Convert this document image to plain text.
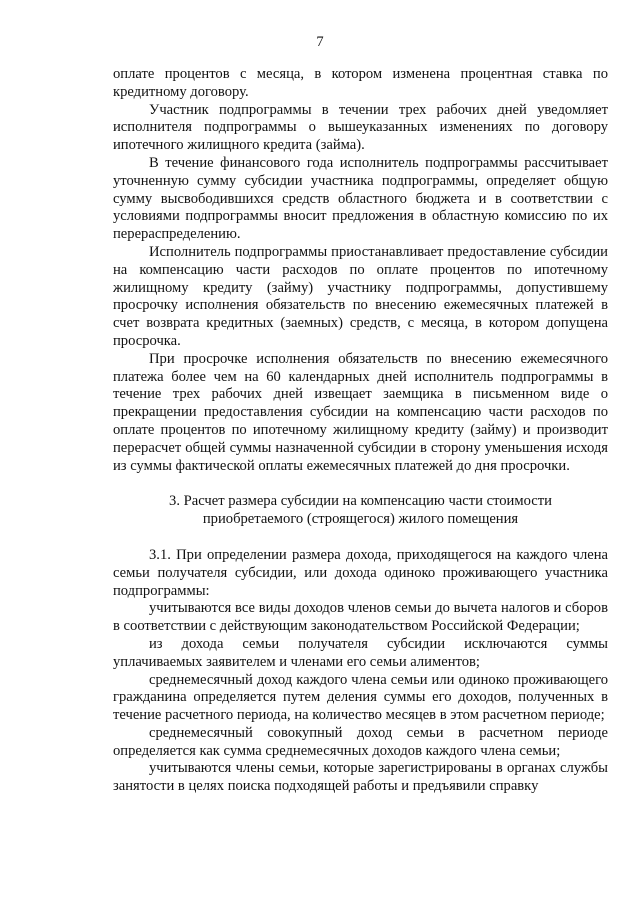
7

оплате процентов с месяца, в котором изменена процентная ставка по кредитному договору.

Участник подпрограммы в течении трех рабочих дней уведомляет исполнителя подпрограммы о вышеуказанных изменениях по договору ипотечного жилищного кредита (займа).

В течение финансового года исполнитель подпрограммы рассчитывает уточненную сумму субсидии участника подпрограммы, определяет общую сумму высвободившихся средств областного бюджета и в соответствии с условиями подпрограммы вносит предложения в областную комиссию по их перераспределению.

Исполнитель подпрограммы приостанавливает предоставление субсидии на компенсацию части расходов по оплате процентов по ипотечному жилищному кредиту (займу) участнику подпрограммы, допустившему просрочку исполнения обязательств по внесению ежемесячных платежей в счет возврата кредитных (заемных) средств, с месяца, в котором допущена просрочка.

При просрочке исполнения обязательств по внесению ежемесячного платежа более чем на 60 календарных дней исполнитель подпрограммы в течение трех рабочих дней извещает заемщика в письменном виде о прекращении предоставления субсидии на компенсацию части расходов по оплате процентов по ипотечному жилищному кредиту (займу) и производит перерасчет общей суммы назначенной субсидии в сторону уменьшения исходя из суммы фактической оплаты ежемесячных платежей до дня просрочки.

3. Расчет размера субсидии на компенсацию части стоимости приобретаемого (строящегося) жилого помещения

3.1. При определении размера дохода, приходящегося на каждого члена семьи получателя субсидии, или дохода одиноко проживающего участника подпрограммы:

учитываются все виды доходов членов семьи до вычета налогов и сборов в соответствии с действующим законодательством Российской Федерации;

из дохода семьи получателя субсидии исключаются суммы уплачиваемых заявителем и членами его семьи алиментов;

среднемесячный доход каждого члена семьи или одиноко проживающего гражданина определяется путем деления суммы его доходов, полученных в течение расчетного периода, на количество месяцев в этом расчетном периоде;

среднемесячный совокупный доход семьи в расчетном периоде определяется как сумма среднемесячных доходов каждого члена семьи;

учитываются члены семьи, которые зарегистрированы в органах службы занятости в целях поиска подходящей работы и предъявили справку
